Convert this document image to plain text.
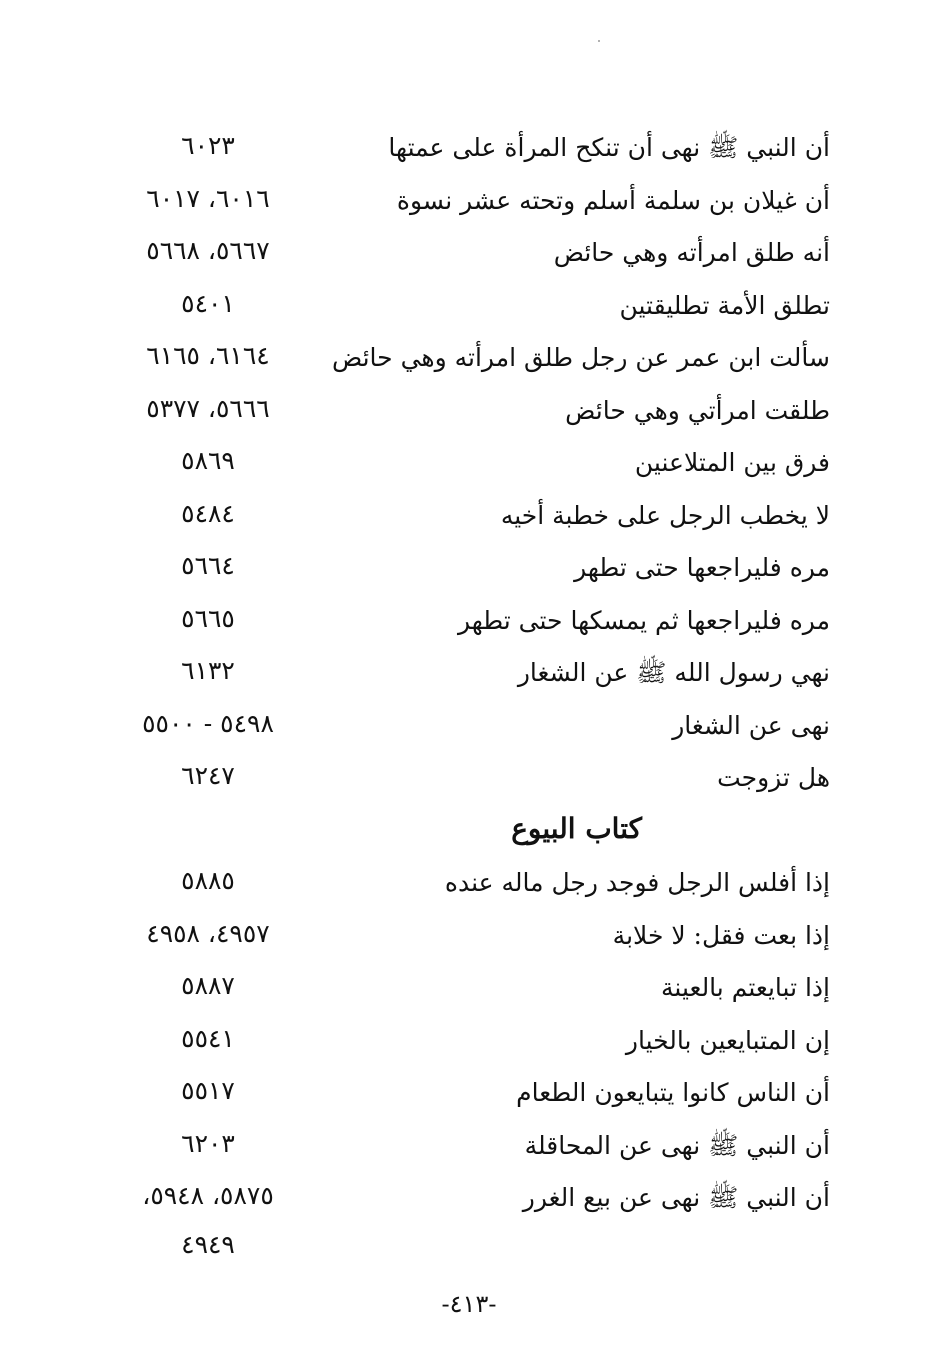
أن النبي ﷺ نهى أن تنكح المرأة على عمتها
٦٠٢٣
أن غيلان بن سلمة أسلم وتحته عشر نسوة
٦٠١٦، ٦٠١٧
أنه طلق امرأته وهي حائض
٥٦٦٧، ٥٦٦٨
تطلق الأمة تطليقتين
٥٤٠١
سألت ابن عمر عن رجل طلق امرأته وهي حائض
٦١٦٤، ٦١٦٥
طلقت امرأتي وهي حائض
٥٦٦٦، ٥٣٧٧
فرق بين المتلاعنين
٥٨٦٩
لا يخطب الرجل على خطبة أخيه
٥٤٨٤
مره فليراجعها حتى تطهر
٥٦٦٤
مره فليراجعها ثم يمسكها حتى تطهر
٥٦٦٥
نهي رسول الله ﷺ عن الشغار
٦١٣٢
نهى عن الشغار
٥٤٩٨ - ٥٥٠٠
هل تزوجت
٦٢٤٧
كتاب البيوع
إذا أفلس الرجل فوجد رجل ماله عنده
٥٨٨٥
إذا بعت فقل: لا خلابة
٤٩٥٧، ٤٩٥٨
إذا تبايعتم بالعينة
٥٨٨٧
إن المتبايعين بالخيار
٥٥٤١
أن الناس كانوا يتبايعون الطعام
٥٥١٧
أن النبي ﷺ نهى عن المحاقلة
٦٢٠٣
أن النبي ﷺ نهى عن بيع الغرر
٥٨٧٥، ٥٩٤٨،
٤٩٤٩
-٤١٣-
